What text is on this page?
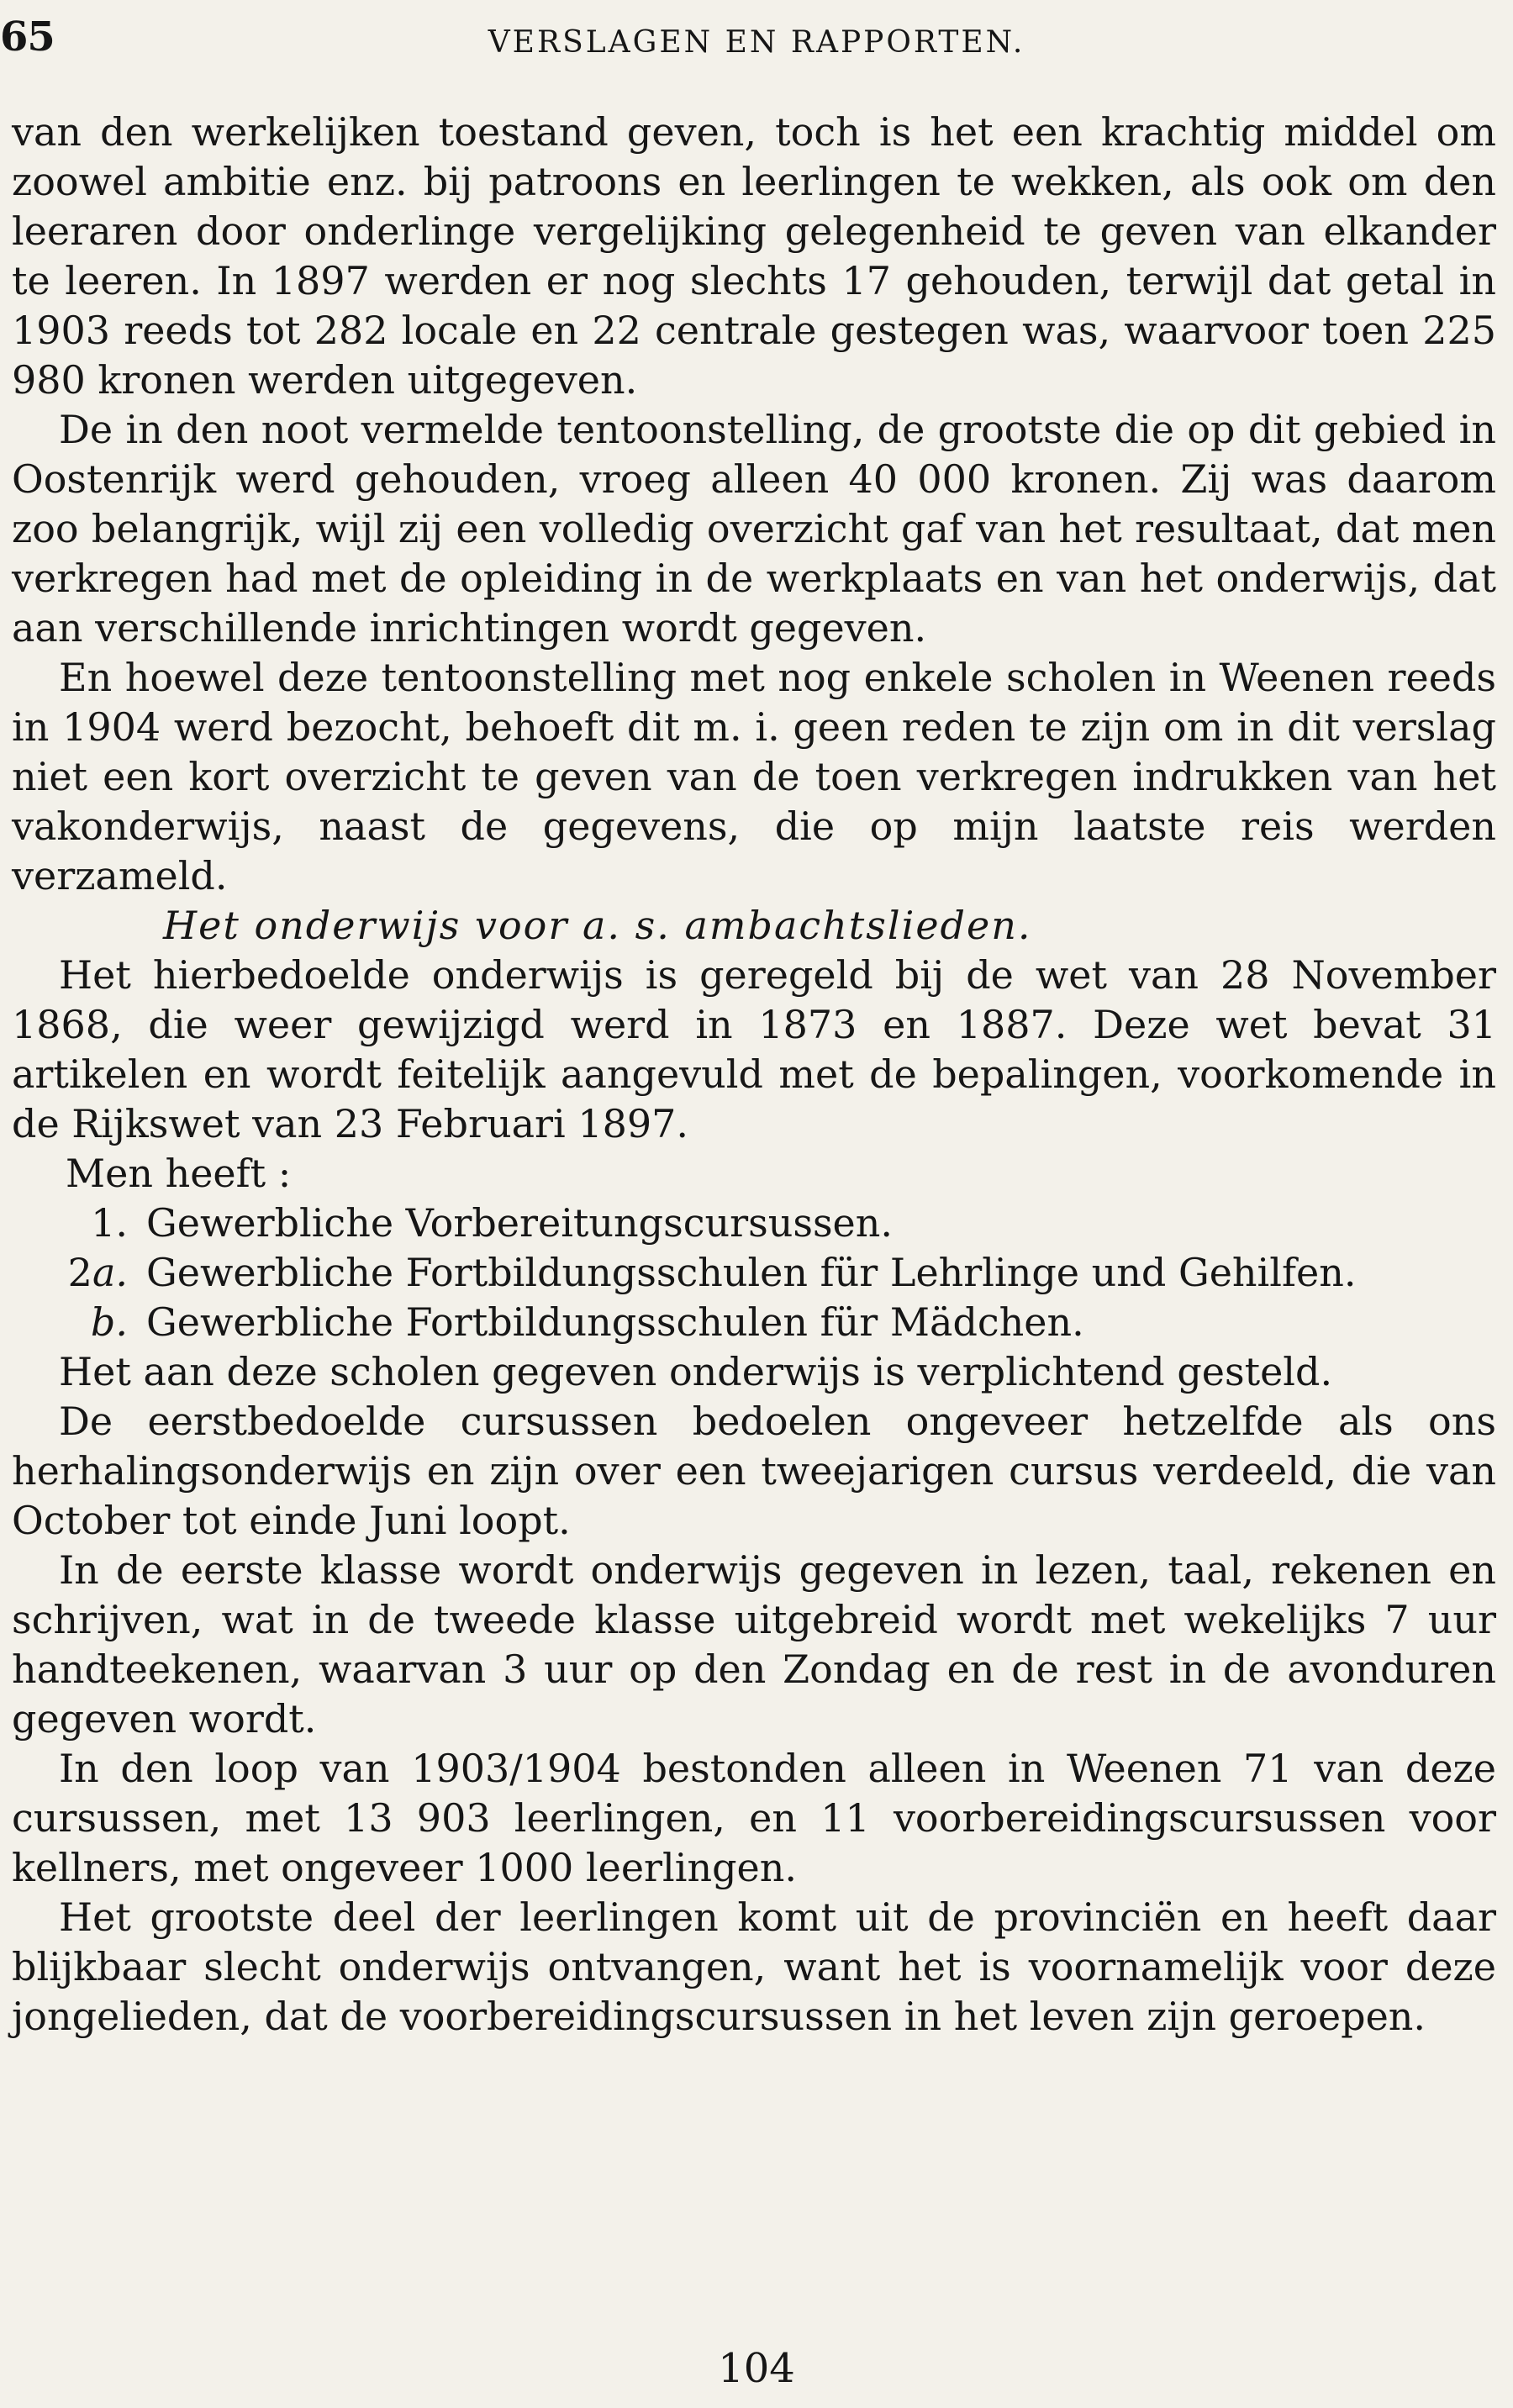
65	VERSLAGEN EN RAPPORTEN.

van den werkelijken toestand geven, toch is het een krachtig middel om zoowel ambitie enz. bij patroons en leerlingen te wekken, als ook om den leeraren door onderlinge vergelijking gelegenheid te geven van elkander te leeren. In 1897 werden er nog slechts 17 gehouden, terwijl dat getal in 1903 reeds tot 282 locale en 22 centrale gestegen was, waarvoor toen 225 980 kronen werden uitgegeven.

De in den noot vermelde tentoonstelling, de grootste die op dit gebied in Oostenrijk werd gehouden, vroeg alleen 40 000 kronen. Zij was daarom zoo belangrijk, wijl zij een volledig overzicht gaf van het resultaat, dat men verkregen had met de opleiding in de werkplaats en van het onderwijs, dat aan verschillende inrichtingen wordt gegeven.

En hoewel deze tentoonstelling met nog enkele scholen in Weenen reeds in 1904 werd bezocht, behoeft dit m. i. geen reden te zijn om in dit verslag niet een kort overzicht te geven van de toen verkregen indrukken van het vakonderwijs, naast de gegevens, die op mijn laatste reis werden verzameld.

Het onderwijs voor a. s. ambachtslieden.

Het hierbedoelde onderwijs is geregeld bij de wet van 28 November 1868, die weer gewijzigd werd in 1873 en 1887. Deze wet bevat 31 artikelen en wordt feitelijk aangevuld met de bepalingen, voorkomende in de Rijkswet van 23 Februari 1897.

Men heeft :

1. Gewerbliche Vorbereitungscursussen.
2a. Gewerbliche Fortbildungsschulen für Lehrlinge und Gehilfen.
b. Gewerbliche Fortbildungsschulen für Mädchen.

Het aan deze scholen gegeven onderwijs is verplichtend gesteld.

De eerstbedoelde cursussen bedoelen ongeveer hetzelfde als ons herhalingsonderwijs en zijn over een tweejarigen cursus verdeeld, die van October tot einde Juni loopt.

In de eerste klasse wordt onderwijs gegeven in lezen, taal, rekenen en schrijven, wat in de tweede klasse uitgebreid wordt met wekelijks 7 uur handteekenen, waarvan 3 uur op den Zondag en de rest in de avonduren gegeven wordt.

In den loop van 1903/1904 bestonden alleen in Weenen 71 van deze cursussen, met 13 903 leerlingen, en 11 voorbereidingscursussen voor kellners, met ongeveer 1000 leerlingen.

Het grootste deel der leerlingen komt uit de provinciën en heeft daar blijkbaar slecht onderwijs ontvangen, want het is voornamelijk voor deze jongelieden, dat de voorbereidingscursussen in het leven zijn geroepen.

104
